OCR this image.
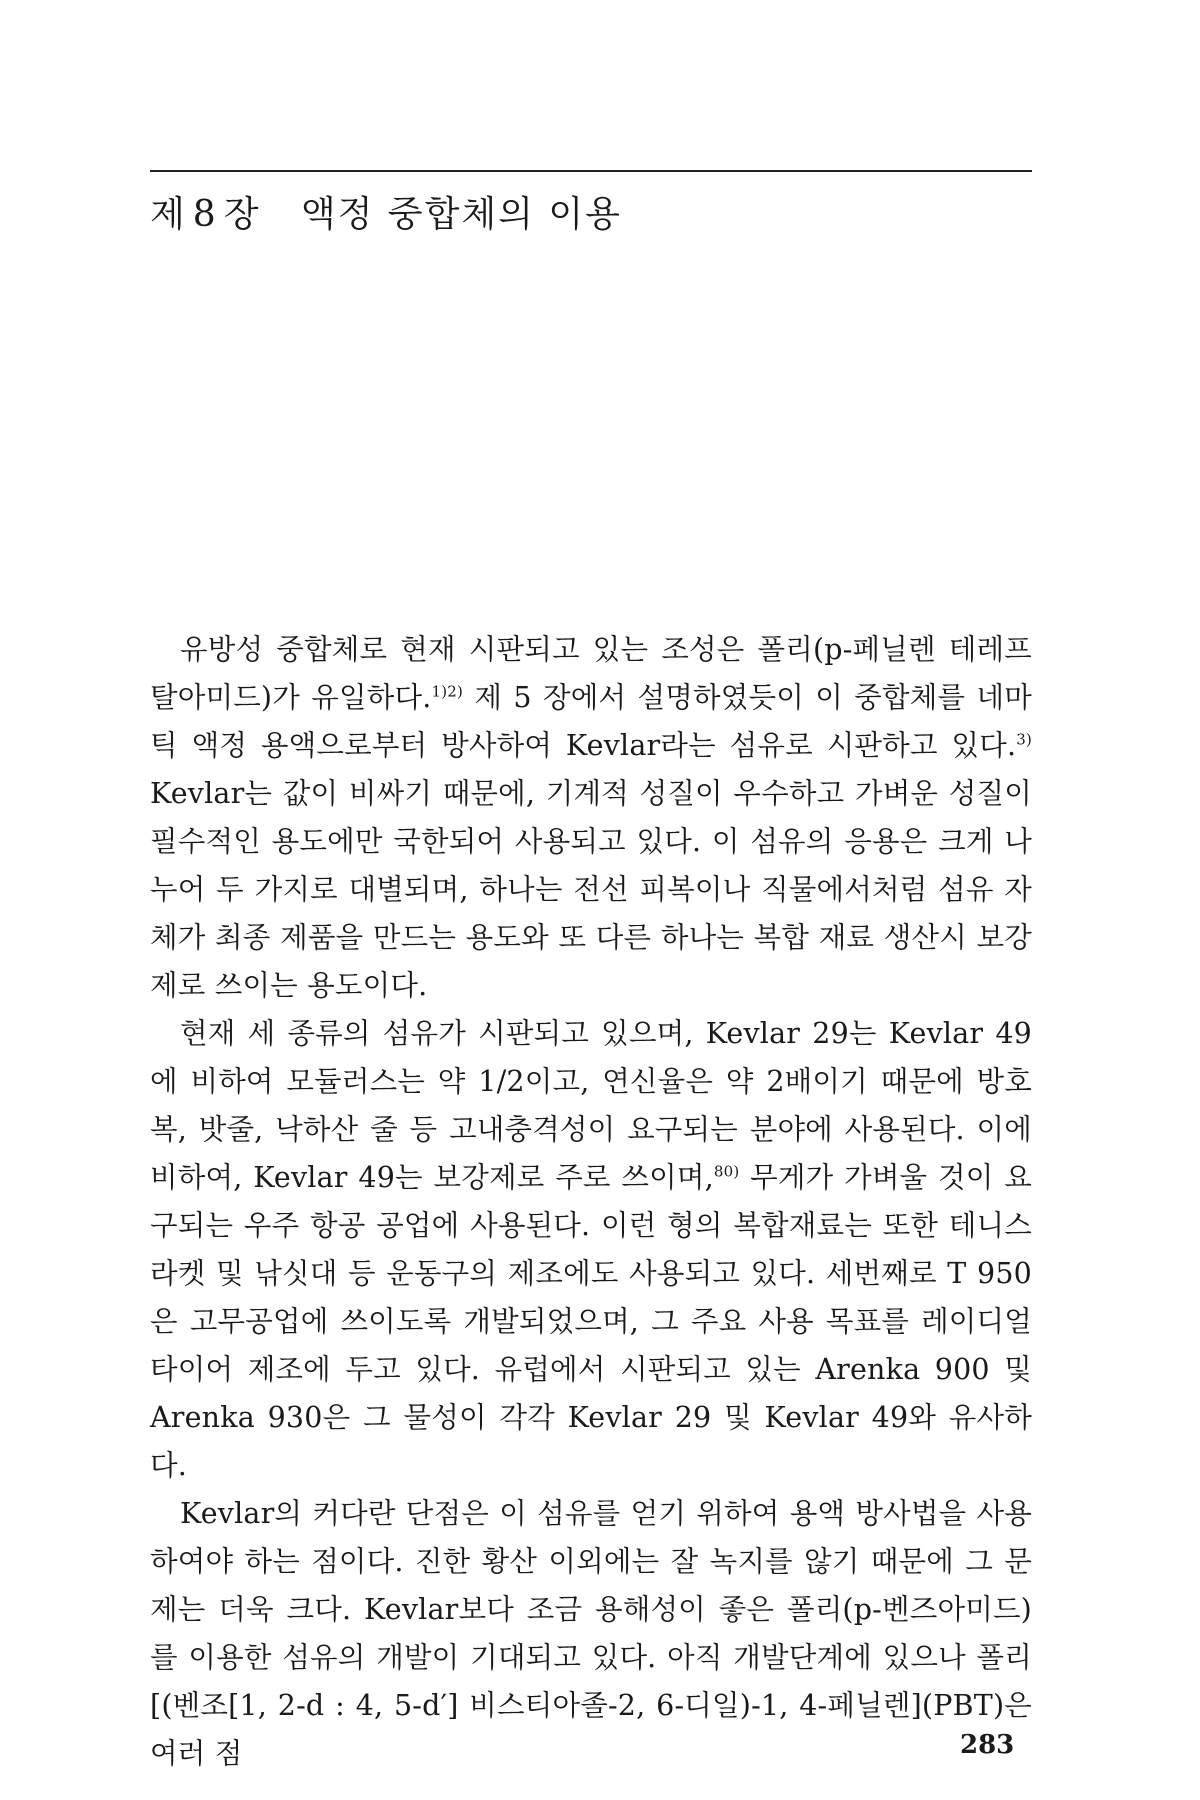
제 8 장 액정 중합체의 이용

유방성 중합체로 현재 시판되고 있는 조성은 폴리(p-페닐렌 테레프탈아미드)가 유일하다.$^{1)2)}$ 제 5 장에서 설명하였듯이 이 중합체를 네마틱 액정 용액으로부터 방사하여 Kevlar라는 섬유로 시판하고 있다.$^{3)}$ Kevlar는 값이 비싸기 때문에, 기계적 성질이 우수하고 가벼운 성질이 필수적인 용도에만 국한되어 사용되고 있다. 이 섬유의 응용은 크게 나누어 두 가지로 대별되며, 하나는 전선 피복이나 직물에서처럼 섬유 자체가 최종 제품을 만드는 용도와 또 다른 하나는 복합 재료 생산시 보강제로 쓰이는 용도이다.

현재 세 종류의 섬유가 시판되고 있으며, Kevlar 29는 Kevlar 49에 비하여 모듈러스는 약 1/2이고, 연신율은 약 2배이기 때문에 방호복, 밧줄, 낙하산 줄 등 고내충격성이 요구되는 분야에 사용된다. 이에 비하여, Kevlar 49는 보강제로 주로 쓰이며,$^{80)}$ 무게가 가벼울 것이 요구되는 우주 항공 공업에 사용된다. 이런 형의 복합재료는 또한 테니스 라켓 및 낚싯대 등 운동구의 제조에도 사용되고 있다. 세번째로 T 950은 고무공업에 쓰이도록 개발되었으며, 그 주요 사용 목표를 레이디얼 타이어 제조에 두고 있다. 유럽에서 시판되고 있는 Arenka 900 및 Arenka 930은 그 물성이 각각 Kevlar 29 및 Kevlar 49와 유사하다.

Kevlar의 커다란 단점은 이 섬유를 얻기 위하여 용액 방사법을 사용하여야 하는 점이다. 진한 황산 이외에는 잘 녹지를 않기 때문에 그 문제는 더욱 크다. Kevlar보다 조금 용해성이 좋은 폴리(p-벤즈아미드)를 이용한 섬유의 개발이 기대되고 있다. 아직 개발단계에 있으나 폴리[(벤조[1, 2-d : 4, 5-d′] 비스티아졸-2, 6-디일)-1, 4-페닐렌](PBT)은 여러 점	283
